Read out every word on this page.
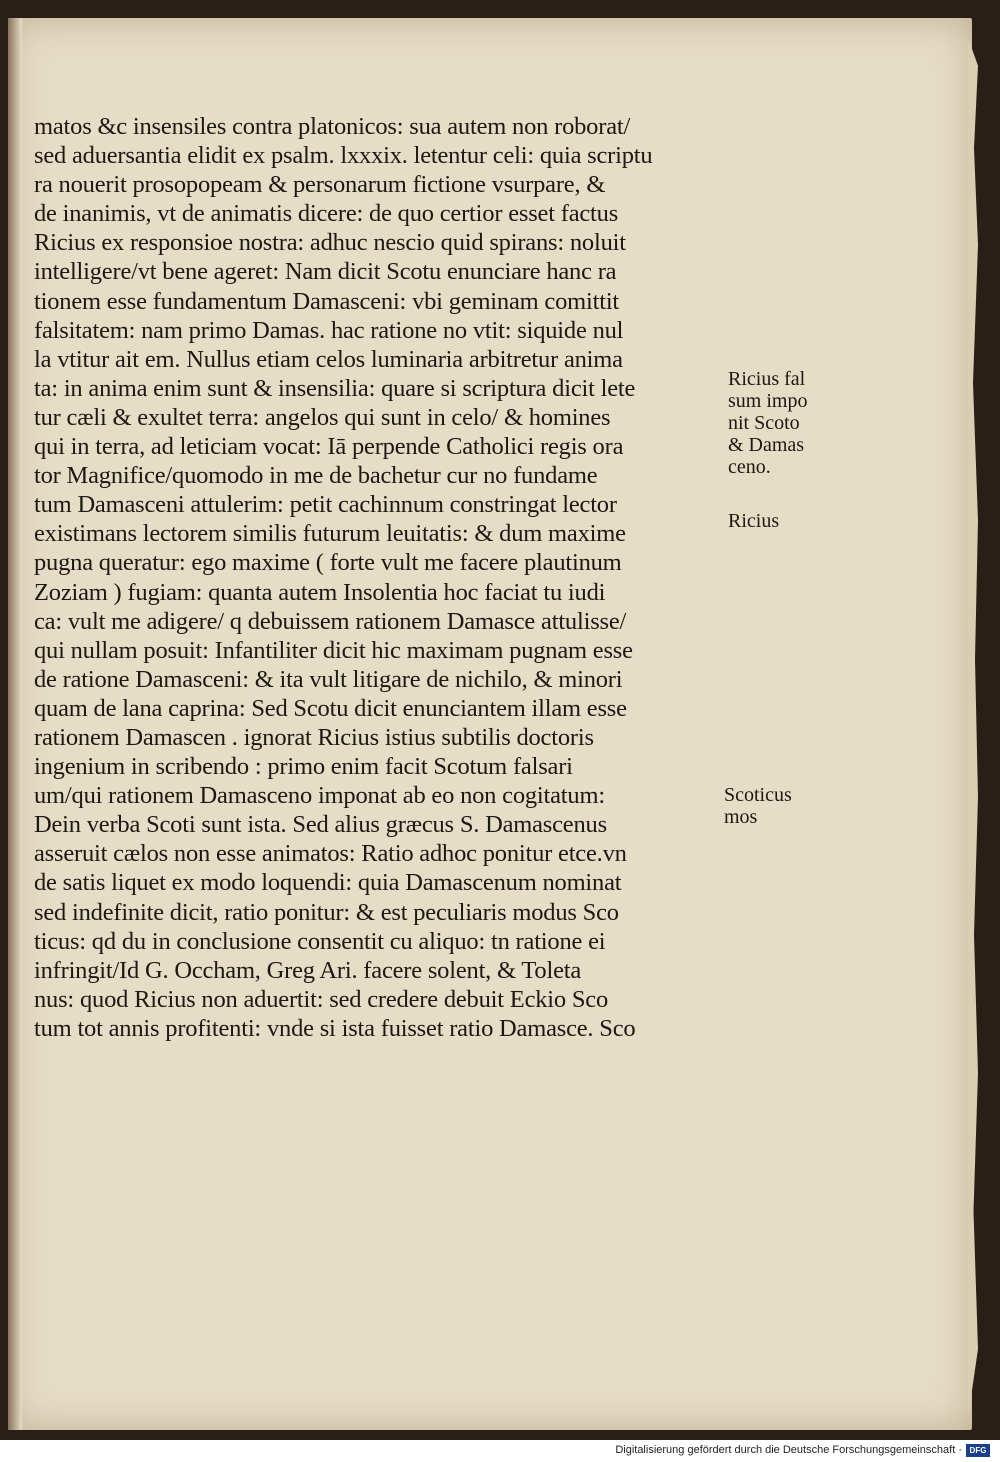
matos &c insensiles contra platonicos: sua autem non roborat/
sed aduersantia elidit ex psalm. lxxxix. letentur celi: quia scriptu
ra nouerit prosopopeam & personarum fictione vsurpare, &
de inanimis, vt de animatis dicere: de quo certior esset factus
Ricius ex responsioe nostra: adhuc nescio quid spirans: noluit
intelligere/vt bene ageret: Nam dicit Scotu enunciare hanc ra
tionem esse fundamentum Damasceni: vbi geminam comittit
falsitatem: nam primo Damas. hac ratione no vtit: siquide nul
la vtitur ait em. Nullus etiam celos luminaria arbitretur anima
ta: in anima enim sunt & insensilia: quare si scriptura dicit lete
tur cæli & exultet terra: angelos qui sunt in celo/ & homines
qui in terra, ad leticiam vocat: Iā perpende Catholici regis ora
tor Magnifice/quomodo in me de bachetur cur no fundame
tum Damasceni attulerim: petit cachinnum constringat lector
existimans lectorem similis futurum leuitatis: & dum maxime
pugna queratur: ego maxime ( forte vult me facere plautinum
Zoziam ) fugiam: quanta autem Insolentia hoc faciat tu iudi
ca: vult me adigere/ q debuissem rationem Damasce attulisse/
qui nullam posuit: Infantiliter dicit hic maximam pugnam esse
de ratione Damasceni: & ita vult litigare de nichilo, & minori
quam de lana caprina: Sed Scotu dicit enunciantem illam esse
rationem Damascen . ignorat Ricius istius subtilis doctoris
ingenium in scribendo : primo enim facit Scotum falsari
um/qui rationem Damasceno imponat ab eo non cogitatum:
Dein verba Scoti sunt ista. Sed alius græcus S. Damascenus
asseruit cælos non esse animatos: Ratio adhoc ponitur etce.vn
de satis liquet ex modo loquendi: quia Damascenum nominat
sed indefinite dicit, ratio ponitur: & est peculiaris modus Sco
ticus: qd du in conclusione consentit cu aliquo: tn ratione ei
infringit/Id G. Occham, Greg Ari. facere solent, & Toleta
nus: quod Ricius non aduertit: sed credere debuit Eckio Sco
tum tot annis profitenti: vnde si ista fuisset ratio Damasce. Sco
Ricius fal
sum impo
nit Scoto
& Damas
ceno.
Ricius
Scoticus
mos
Digitalisierung gefördert durch die Deutsche Forschungsgemeinschaft · DFG
